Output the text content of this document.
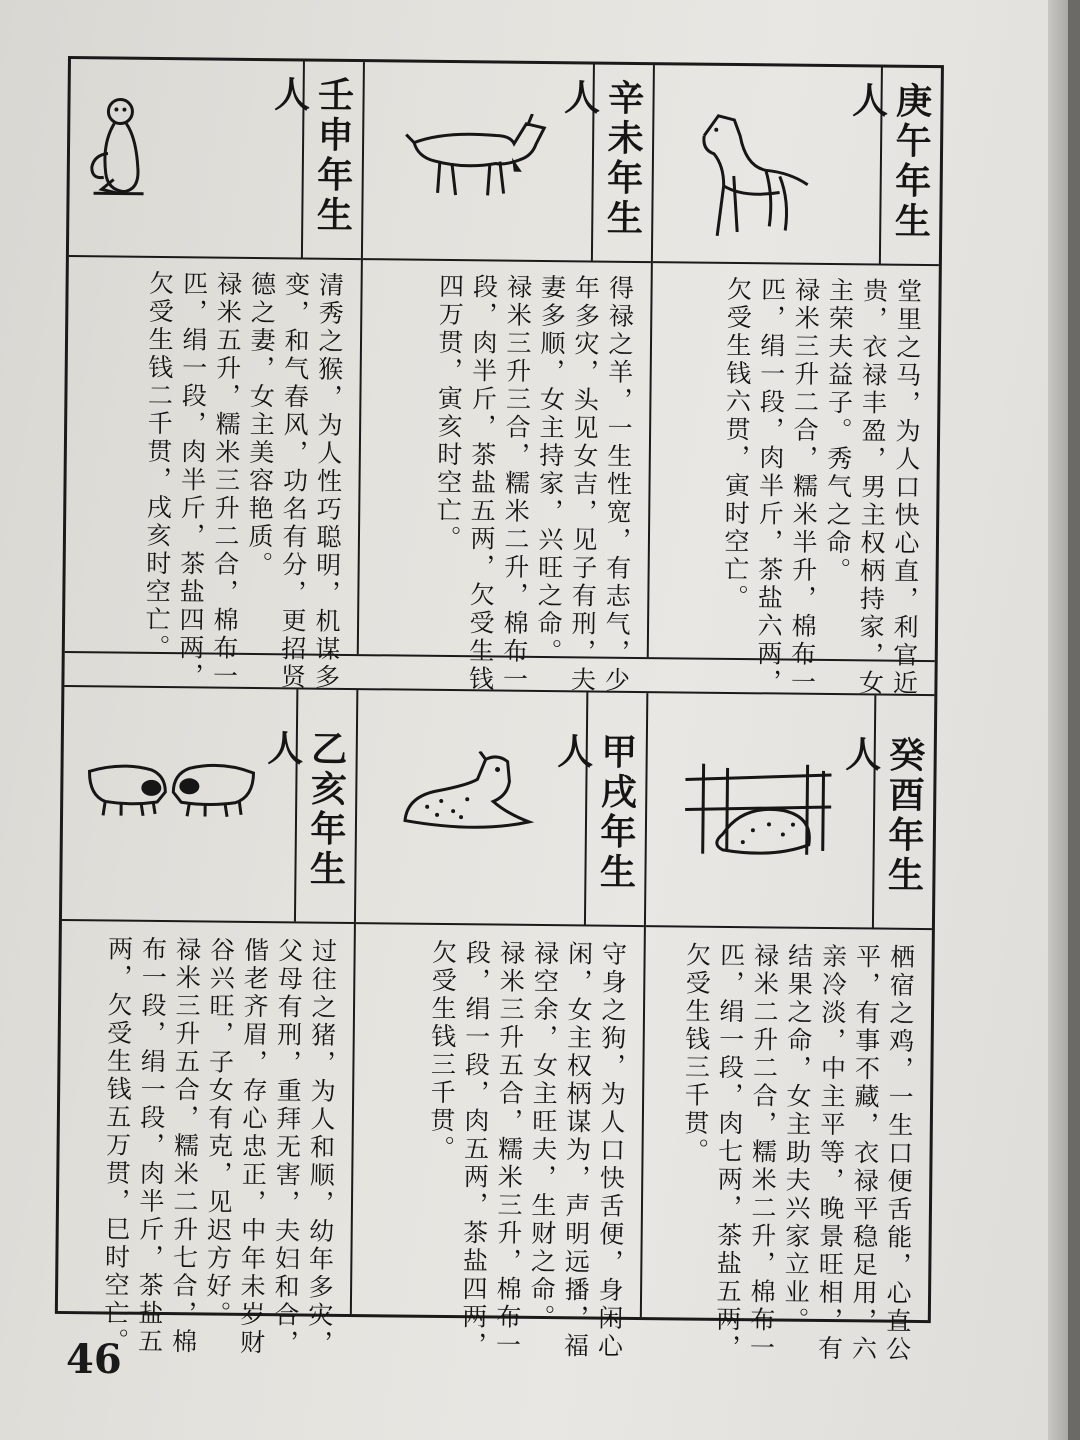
壬申年生人
清秀之猴，为人性巧聪明，机谋多
变，和气春风，功名有分，更招贤
德之妻，女主美容艳质。
禄米五升，糯米三升二合，棉布一
匹，绢一段，肉半斤，茶盐四两，
欠受生钱二千贯，戌亥时空亡。
辛未年生人
得禄之羊，一生性宽，有志气，少
年多灾，头见女吉，见子有刑，夫
妻多顺，女主持家，兴旺之命。
禄米三升三合，糯米二升，棉布一
段，肉半斤，茶盐五两，欠受生钱
四万贯，寅亥时空亡。
庚午年生人
堂里之马，为人口快心直，利官近
贵，衣禄丰盈，男主权柄持家，女
主荣夫益子。秀气之命。
禄米三升二合，糯米半升，棉布一
匹，绢一段，肉半斤，茶盐六两，
欠受生钱六贯，寅时空亡。
乙亥年生人
过往之猪，为人和顺，幼年多灾，
父母有刑，重拜无害，夫妇和合，
偕老齐眉，存心忠正，中年未岁财
谷兴旺，子女有克，见迟方好。
禄米三升五合，糯米二升七合，棉
布一段，绢一段，肉半斤，茶盐五
两，欠受生钱五万贯，巳时空亡。
甲戌年生人
守身之狗，为人口快舌便，身闲心
闲，女主权柄谋为，声明远播，福
禄空余，女主旺夫，生财之命。
禄米三升五合，糯米三升，棉布一
段，绢一段，肉五两，茶盐四两，
欠受生钱三千贯。
癸酉年生人
栖宿之鸡，一生口便舌能，心直公
平，有事不藏，衣禄平稳足用，六
亲冷淡，中主平等，晚景旺相，有
结果之命，女主助夫兴家立业。
禄米二升二合，糯米二升，棉布一
匹，绢一段，肉七两，茶盐五两，
欠受生钱三千贯。
46
